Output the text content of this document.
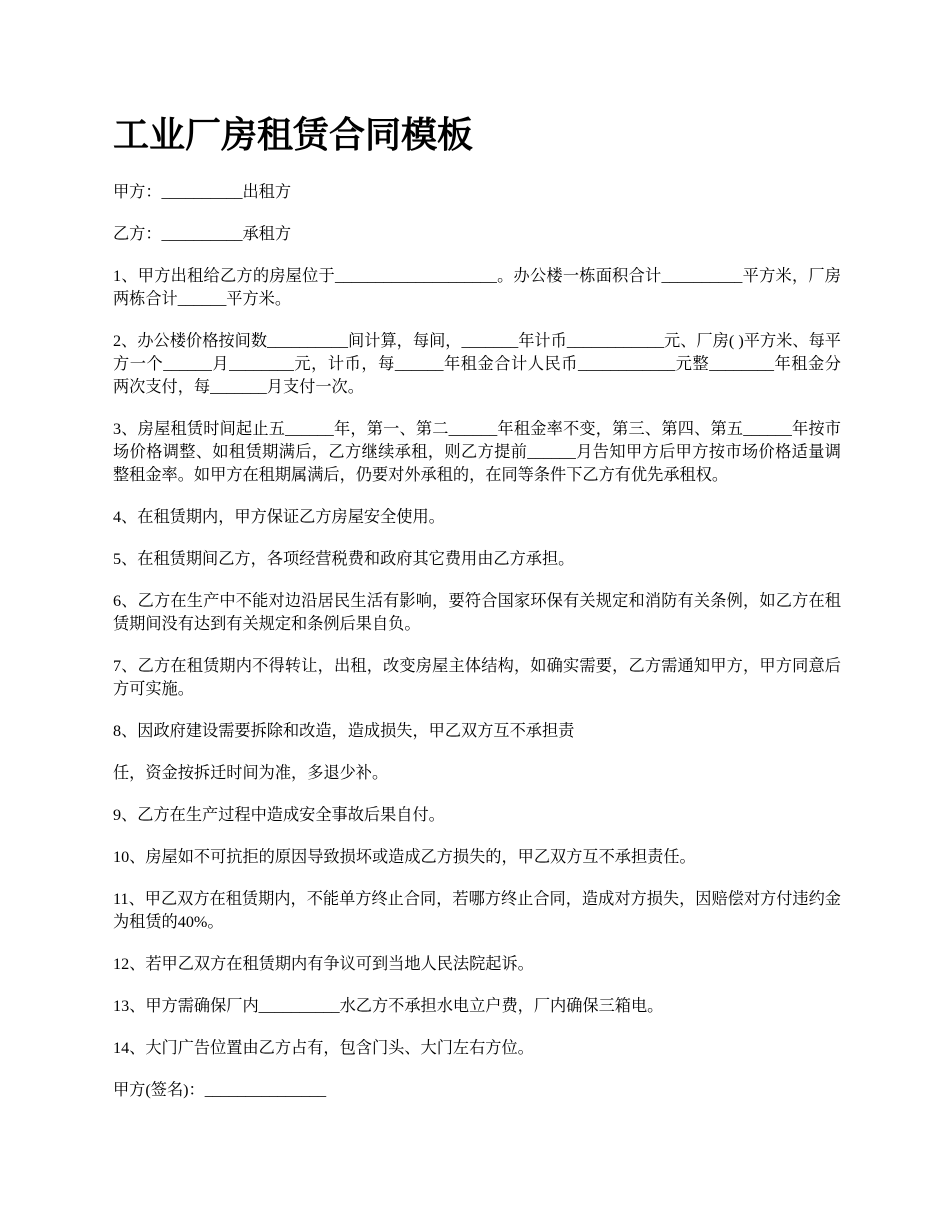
工业厂房租赁合同模板

甲方：__________出租方

乙方：__________承租方

1、甲方出租给乙方的房屋位于____________________。办公楼一栋面积合计__________平方米，厂房两栋合计______平方米。

2、办公楼价格按间数__________间计算，每间，_______年计币____________元、厂房( )平方米、每平方一个______月________元，计币，每______年租金合计人民币____________元整________年租金分两次支付，每_______月支付一次。

3、房屋租赁时间起止五______年，第一、第二______年租金率不变，第三、第四、第五______年按市场价格调整、如租赁期满后，乙方继续承租，则乙方提前______月告知甲方后甲方按市场价格适量调整租金率。如甲方在租期属满后，仍要对外承租的，在同等条件下乙方有优先承租权。

4、在租赁期内，甲方保证乙方房屋安全使用。

5、在租赁期间乙方，各项经营税费和政府其它费用由乙方承担。

6、乙方在生产中不能对边沿居民生活有影响，要符合国家环保有关规定和消防有关条例，如乙方在租赁期间没有达到有关规定和条例后果自负。

7、乙方在租赁期内不得转让，出租，改变房屋主体结构，如确实需要，乙方需通知甲方，甲方同意后方可实施。

8、因政府建设需要拆除和改造，造成损失，甲乙双方互不承担责

任，资金按拆迁时间为准，多退少补。

9、乙方在生产过程中造成安全事故后果自付。

10、房屋如不可抗拒的原因导致损坏或造成乙方损失的，甲乙双方互不承担责任。

11、甲乙双方在租赁期内，不能单方终止合同，若哪方终止合同，造成对方损失，因赔偿对方付违约金为租赁的40%。

12、若甲乙双方在租赁期内有争议可到当地人民法院起诉。

13、甲方需确保厂内__________水乙方不承担水电立户费，厂内确保三箱电。

14、大门广告位置由乙方占有，包含门头、大门左右方位。

甲方(签名)：_______________
